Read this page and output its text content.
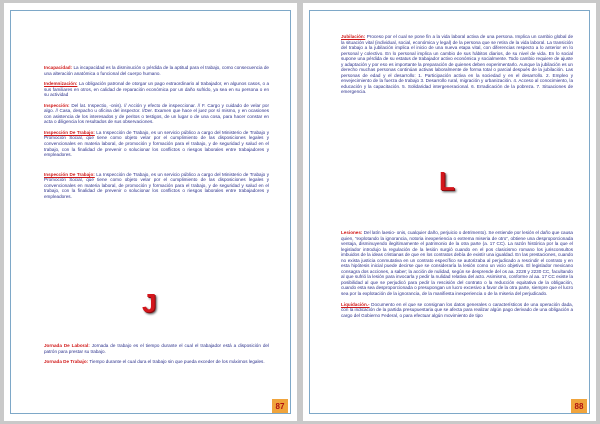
Incapacidad: La incapacidad es la disminución o pérdida de la aptitud para el trabajo, como consecuencia de una alteración anatómica o funcional del cuerpo humano.

Indemnización: La obligación patronal de otorgar un pago extraordinario al trabajador, en algunos casos, o a sus familiares en otros, en calidad de reparación económica por un daño sufrido, ya sea en su persona o en su actividad

Inspección: Del lat. Inspectio, -onis). // Acción y efecto de inspeccionar. // F. Cargo y cuidado de velar por algo. // Casa, despacho u oficina del inspector. //Der. Examen que hace el juez por sí mismo, y en ocasiones con asistencia de los interesados y de peritos o testigos, de un lugar o de una cosa, para hacer constar en acta o diligencia los resultados de sus observaciones.

Inspección De Trabajo: La Inspección de Trabajo, es un servicio público a cargo del Ministerio de Trabajo y Promoción Social, que tiene como objeto velar por el cumplimiento de las disposiciones legales y convencionales en materia laboral, de promoción y formación para el trabajo, y de seguridad y salud en el trabajo, con la finalidad de prevenir o solucionar los conflictos o riesgos laborales entre trabajadores y empleadores.

Inspección De Trabajo: La Inspección de Trabajo, es un servicio público a cargo del Ministerio de Trabajo y Promoción Social, que tiene como objeto velar por el cumplimiento de las disposiciones legales y convencionales en materia laboral, de promoción y formación para el trabajo, y de seguridad y salud en el trabajo, con la finalidad de prevenir o solucionar los conflictos o riesgos laborales entre trabajadores y empleadores.

J

Jornada De Laboral: Jornada de trabajo es el tiempo durante el cual el trabajador está a disposición del patrón para prestar su trabajo.

Jornada De Trabajo: Tiempo durante el cual dura el trabajo sin que pueda exceder de los máximos legales.

87

Jubilación: Proceso por el cual se pone fin a la vida laboral activa de una persona. Implica un cambio global de la situación vital (individual, social, económica y legal) de la persona que se retira de la vida laboral. La transición del trabajo a la jubilación implica el inicio de una nueva etapa vital, con diferencias respecto a lo anterior en lo personal y colectivo. En lo personal implica un cambio de sus hábitos diarios, de su nivel de vida. En lo social supone una pérdida de su estatus de trabajador activo económica y socialmente. Todo cambio requiere de ajuste y adaptación y por eso es importante la preparación de quienes deben experimentarlo. Aunque la jubilación es un derecho muchas personas continúan activas laboralmente de forma total o parcial después de la jubilación. Las personas de edad y el desarrollo: 1. Participación activa en la sociedad y en el desarrollo. 2. Empleo y envejecimiento de la fuerza de trabajo 3. Desarrollo rural, migración y urbanización. 4. Acceso al conocimiento, la educación y la capacitación. 5. Solidaridad intergeneracional. 6. Erradicación de la pobreza. 7. Situaciones de emergencia.

L

Lesiones: Del latín laesio- onis, cualquier daño, perjuicio o detrimento). Se entiende por lesión el daño que causa quien, “explotando la ignorancia, notoria inexperiencia o extrema miseria de otro”, obtiene una desproporcionada ventaja, disminuyendo ilegítimamente el patrimonio de la otra parte (a. 17 CC). La razón histórica por la que el legislador introdujo la regulación de la lesión surgió cuando en el pos clasicismo romano los jurisconsultos imbuidos de la ideas cristianas de que en los contratos debía de existir una igualdad. En las prestaciones, cuando no exista justicia conmutativa en un contrato específico se autorizaba al perjudicado a rescindir el contrato y en esta hipótesis inicial puede decirse que se consideraría la lesión como un vicio objetivo. El legislador mexicano consagra dos acciones, a saber; la acción de nulidad, según se desprende del os aa. 2228 y 2230 CC, facultando al que sufrió la lesión para invocarla y pedir la nulidad relativa del acto. Asimismo, conforme al aa. 17 CC existe la posibilidad al que se perjudicó para pedir la rescisión del contrato o la reducción equitativa de la obligación, cuando esta sea desproporcionada o presupongan un lucro excesivo a favor de la otra parte, siempre que el lucro sea por la explotación de la ignorancia, de la manifiesta inexperiencia o de la miseria del perjudicado.

Liquidación.- Documento en el que se consignan los datos generales o característicos de una operación dada, con la indicación de la partida presupuestaria que se afecta para realizar algún pago derivado de una obligación a cargo del Gobierno Federal, o para efectuar algún movimiento de tipo

88
